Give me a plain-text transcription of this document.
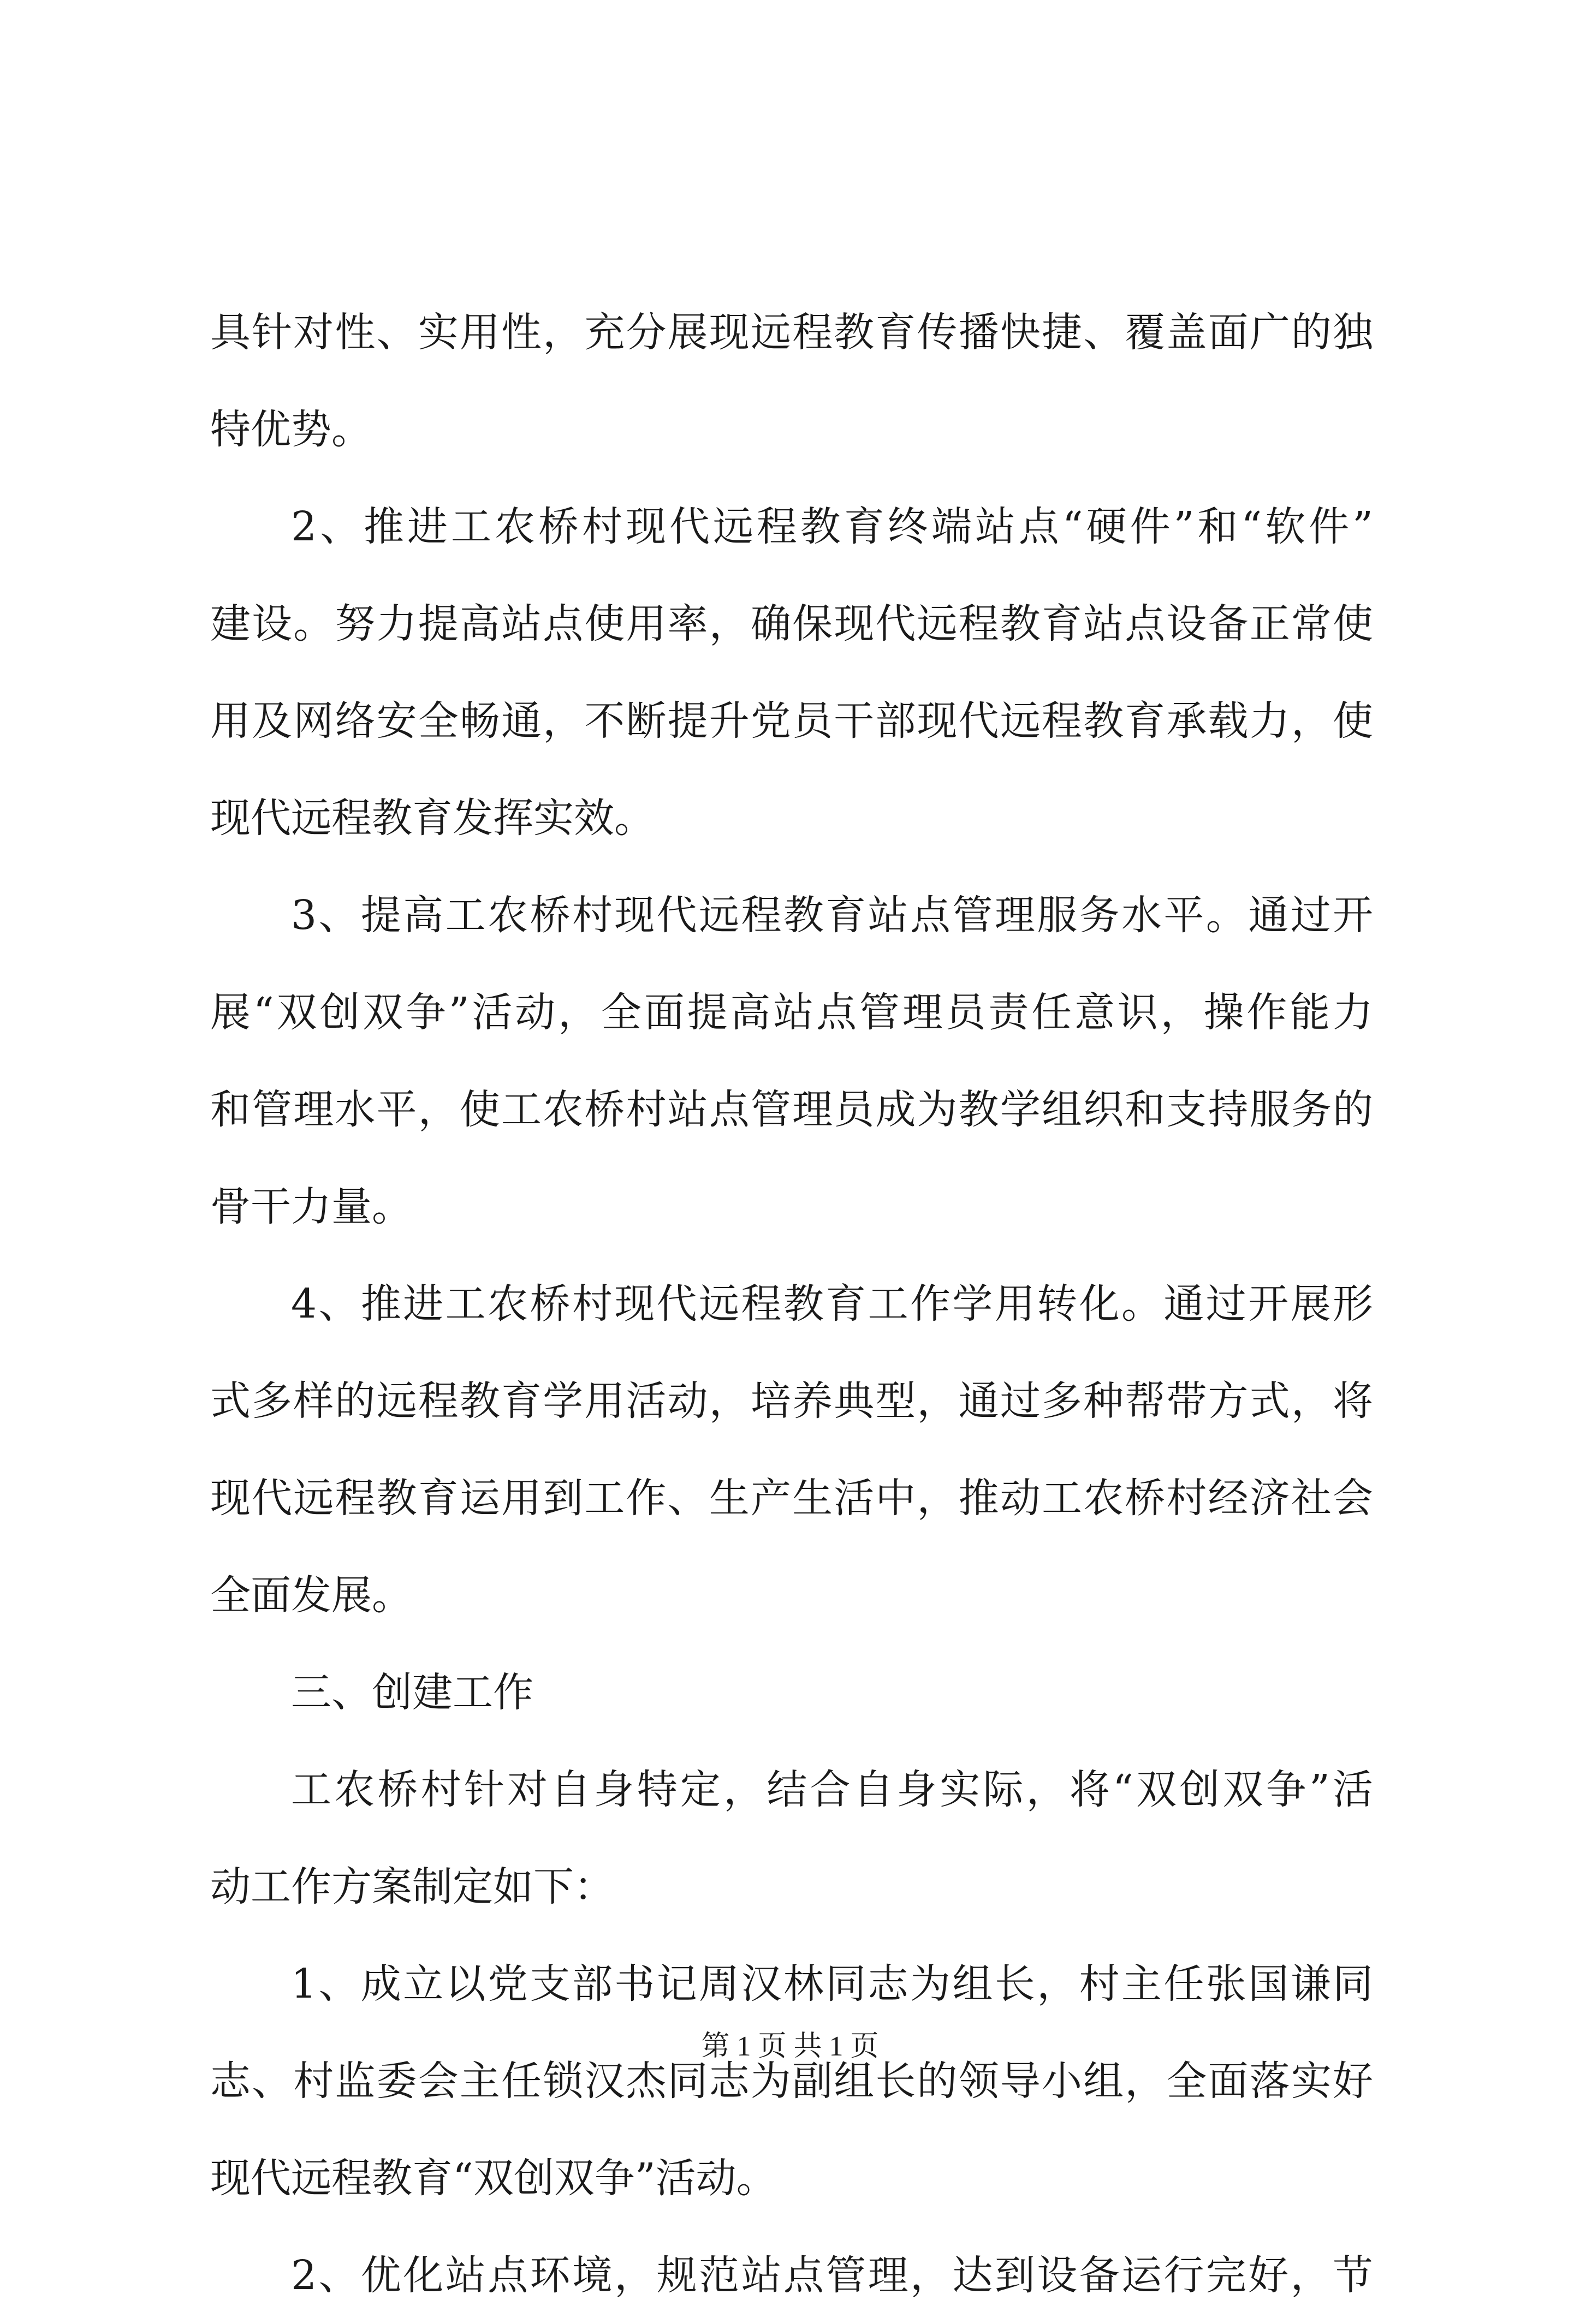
具针对性、实用性，充分展现远程教育传播快捷、覆盖面广的独
特优势。
2、推进工农桥村现代远程教育终端站点“硬件”和“软件”
建设。努力提高站点使用率，确保现代远程教育站点设备正常使
用及网络安全畅通，不断提升党员干部现代远程教育承载力，使
现代远程教育发挥实效。
3、提高工农桥村现代远程教育站点管理服务水平。通过开
展“双创双争”活动，全面提高站点管理员责任意识，操作能力
和管理水平，使工农桥村站点管理员成为教学组织和支持服务的
骨干力量。
4、推进工农桥村现代远程教育工作学用转化。通过开展形
式多样的远程教育学用活动，培养典型，通过多种帮带方式，将
现代远程教育运用到工作、生产生活中，推动工农桥村经济社会
全面发展。
三、创建工作
工农桥村针对自身特定，结合自身实际，将“双创双争”活
动工作方案制定如下：
1、成立以党支部书记周汉林同志为组长，村主任张国谦同
志、村监委会主任锁汉杰同志为副组长的领导小组，全面落实好
现代远程教育“双创双争”活动。
2、优化站点环境，规范站点管理，达到设备运行完好，节
第 1 页 共 1 页
